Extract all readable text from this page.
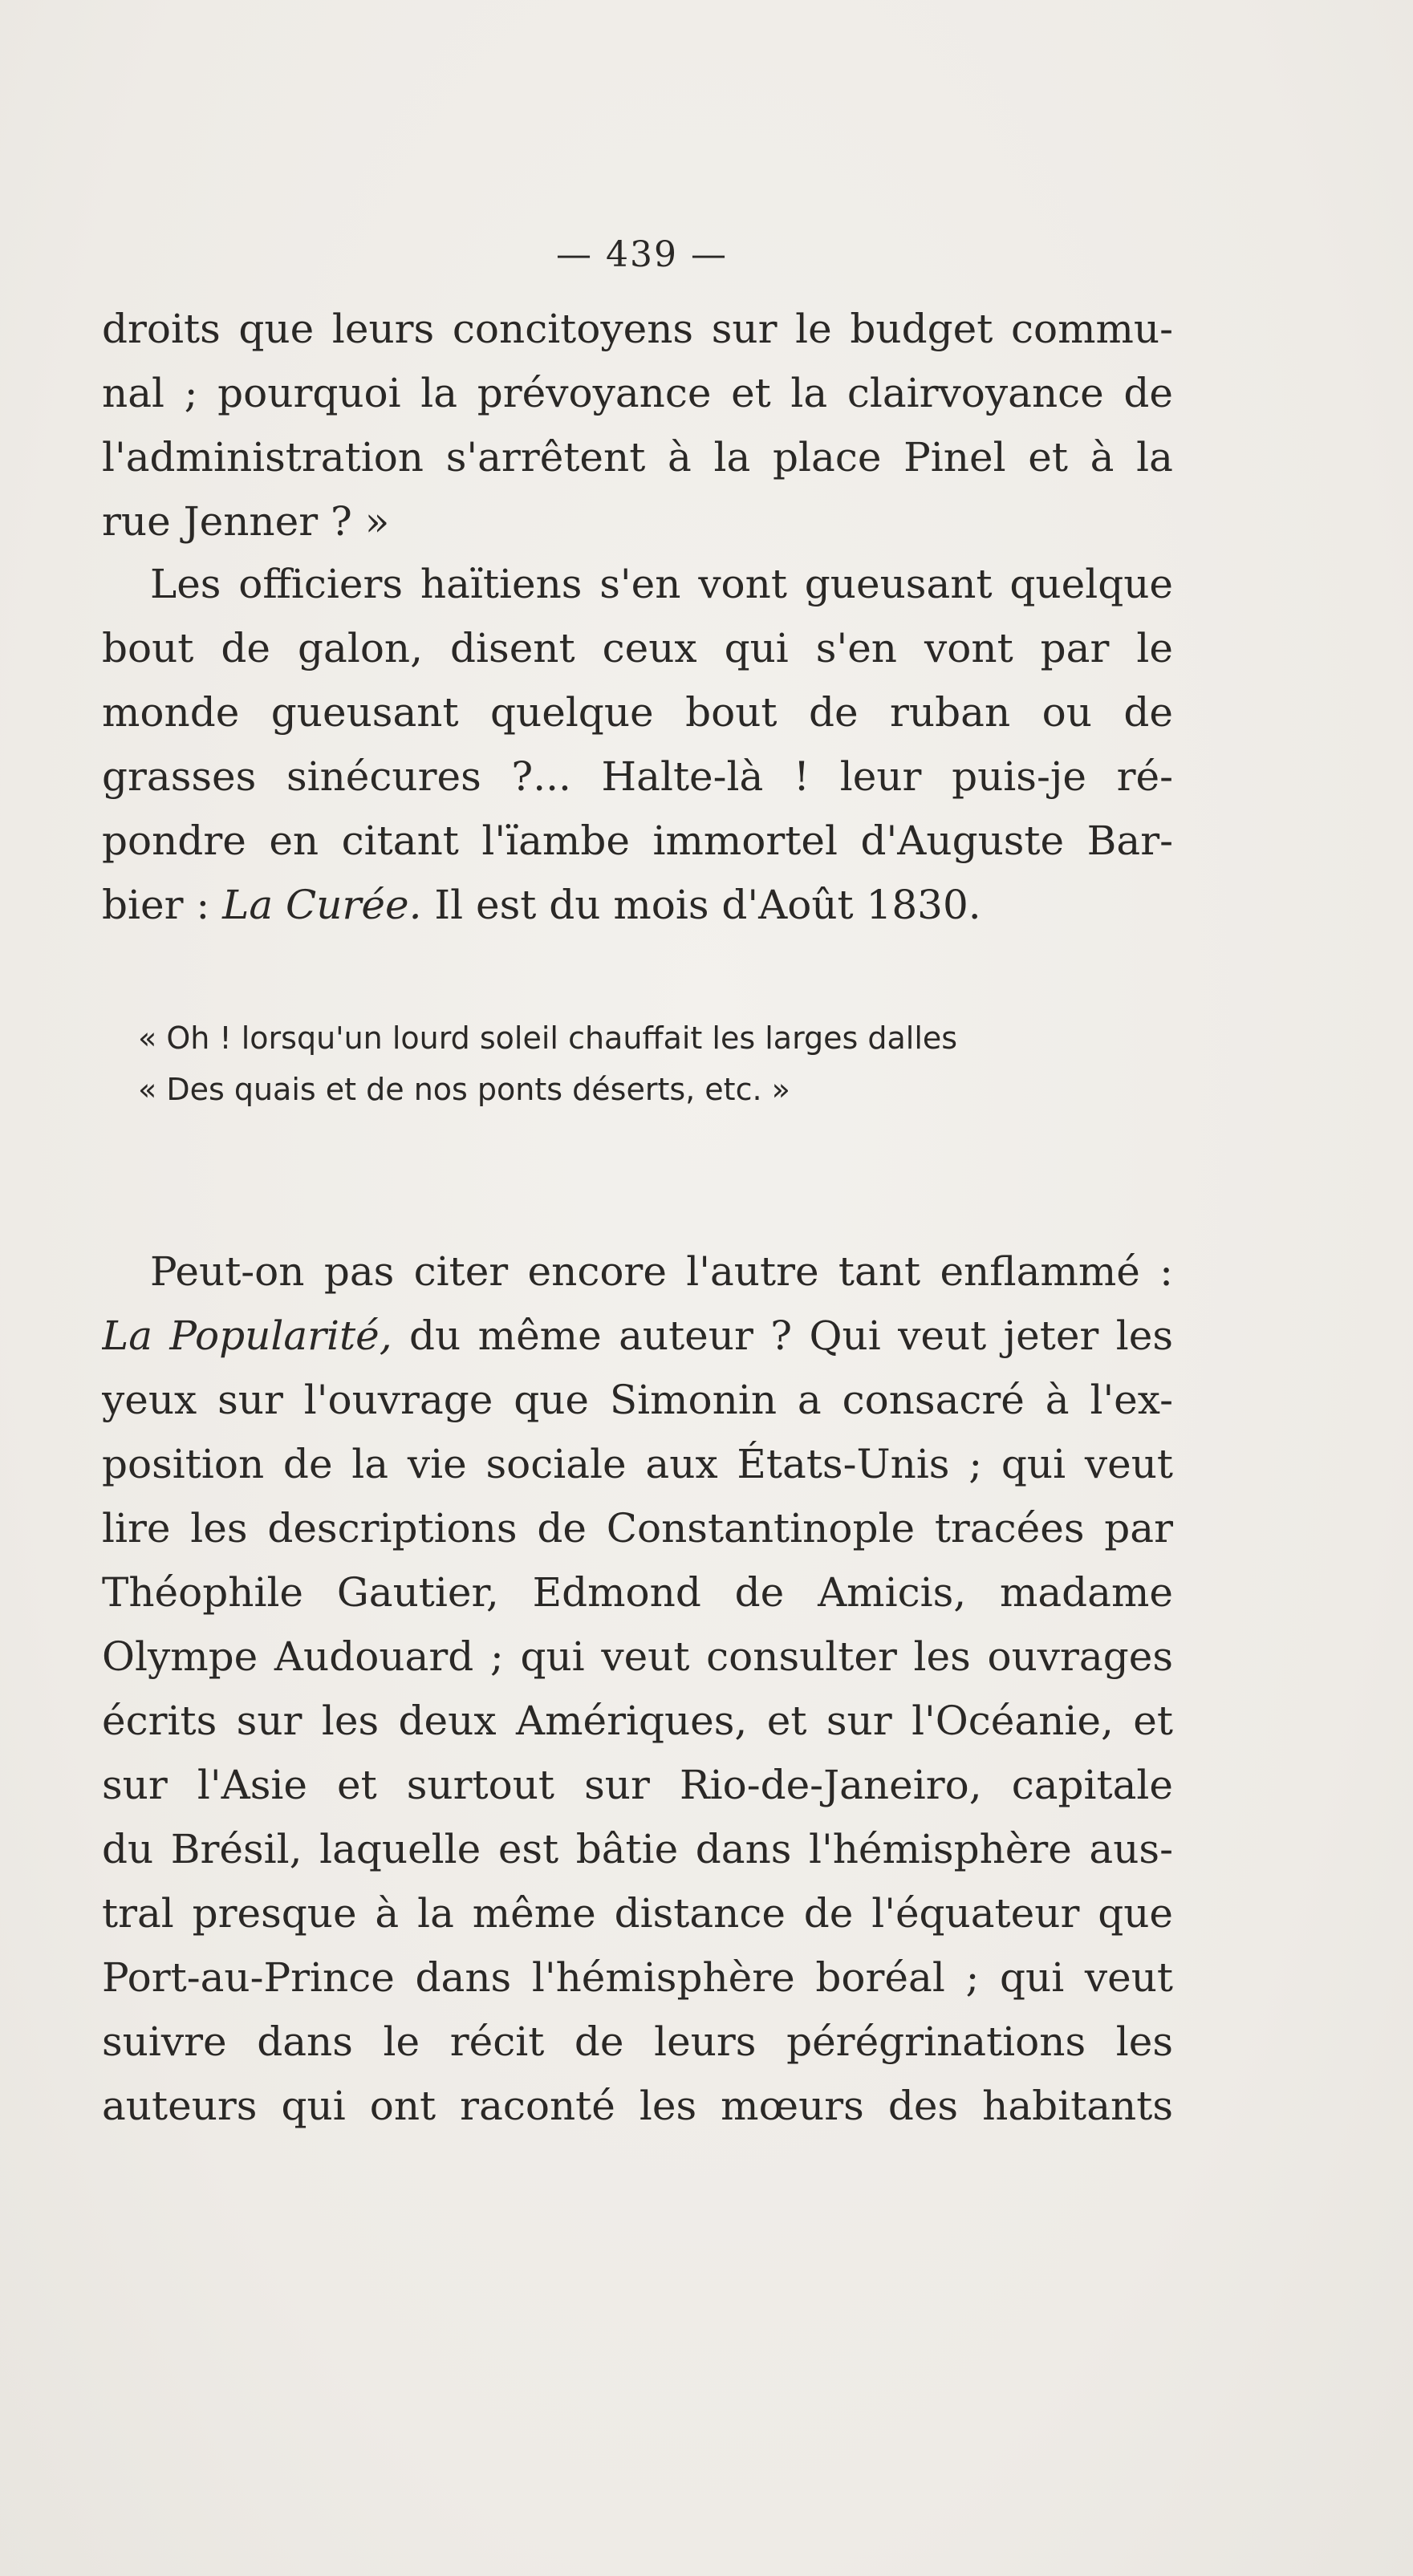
— 439 —
droits que leurs concitoyens sur le budget commu-
nal ; pourquoi la prévoyance et la clairvoyance de
l'administration s'arrêtent à la place Pinel et à la
rue Jenner ? »
Les officiers haïtiens s'en vont gueusant quelque
bout de galon, disent ceux qui s'en vont par le
monde gueusant quelque bout de ruban ou de
grasses sinécures ?... Halte-là ! leur puis-je ré-
pondre en citant l'ïambe immortel d'Auguste Bar-
bier : La Curée. Il est du mois d'Août 1830.
« Oh ! lorsqu'un lourd soleil chauffait les larges dalles
« Des quais et de nos ponts déserts, etc. »
Peut-on pas citer encore l'autre tant enflammé :
La Popularité, du même auteur ? Qui veut jeter les
yeux sur l'ouvrage que Simonin a consacré à l'ex-
position de la vie sociale aux États-Unis ; qui veut
lire les descriptions de Constantinople tracées par
Théophile Gautier, Edmond de Amicis, madame
Olympe Audouard ; qui veut consulter les ouvrages
écrits sur les deux Amériques, et sur l'Océanie, et
sur l'Asie et surtout sur Rio-de-Janeiro, capitale
du Brésil, laquelle est bâtie dans l'hémisphère aus-
tral presque à la même distance de l'équateur que
Port-au-Prince dans l'hémisphère boréal ; qui veut
suivre dans le récit de leurs pérégrinations les
auteurs qui ont raconté les mœurs des habitants
